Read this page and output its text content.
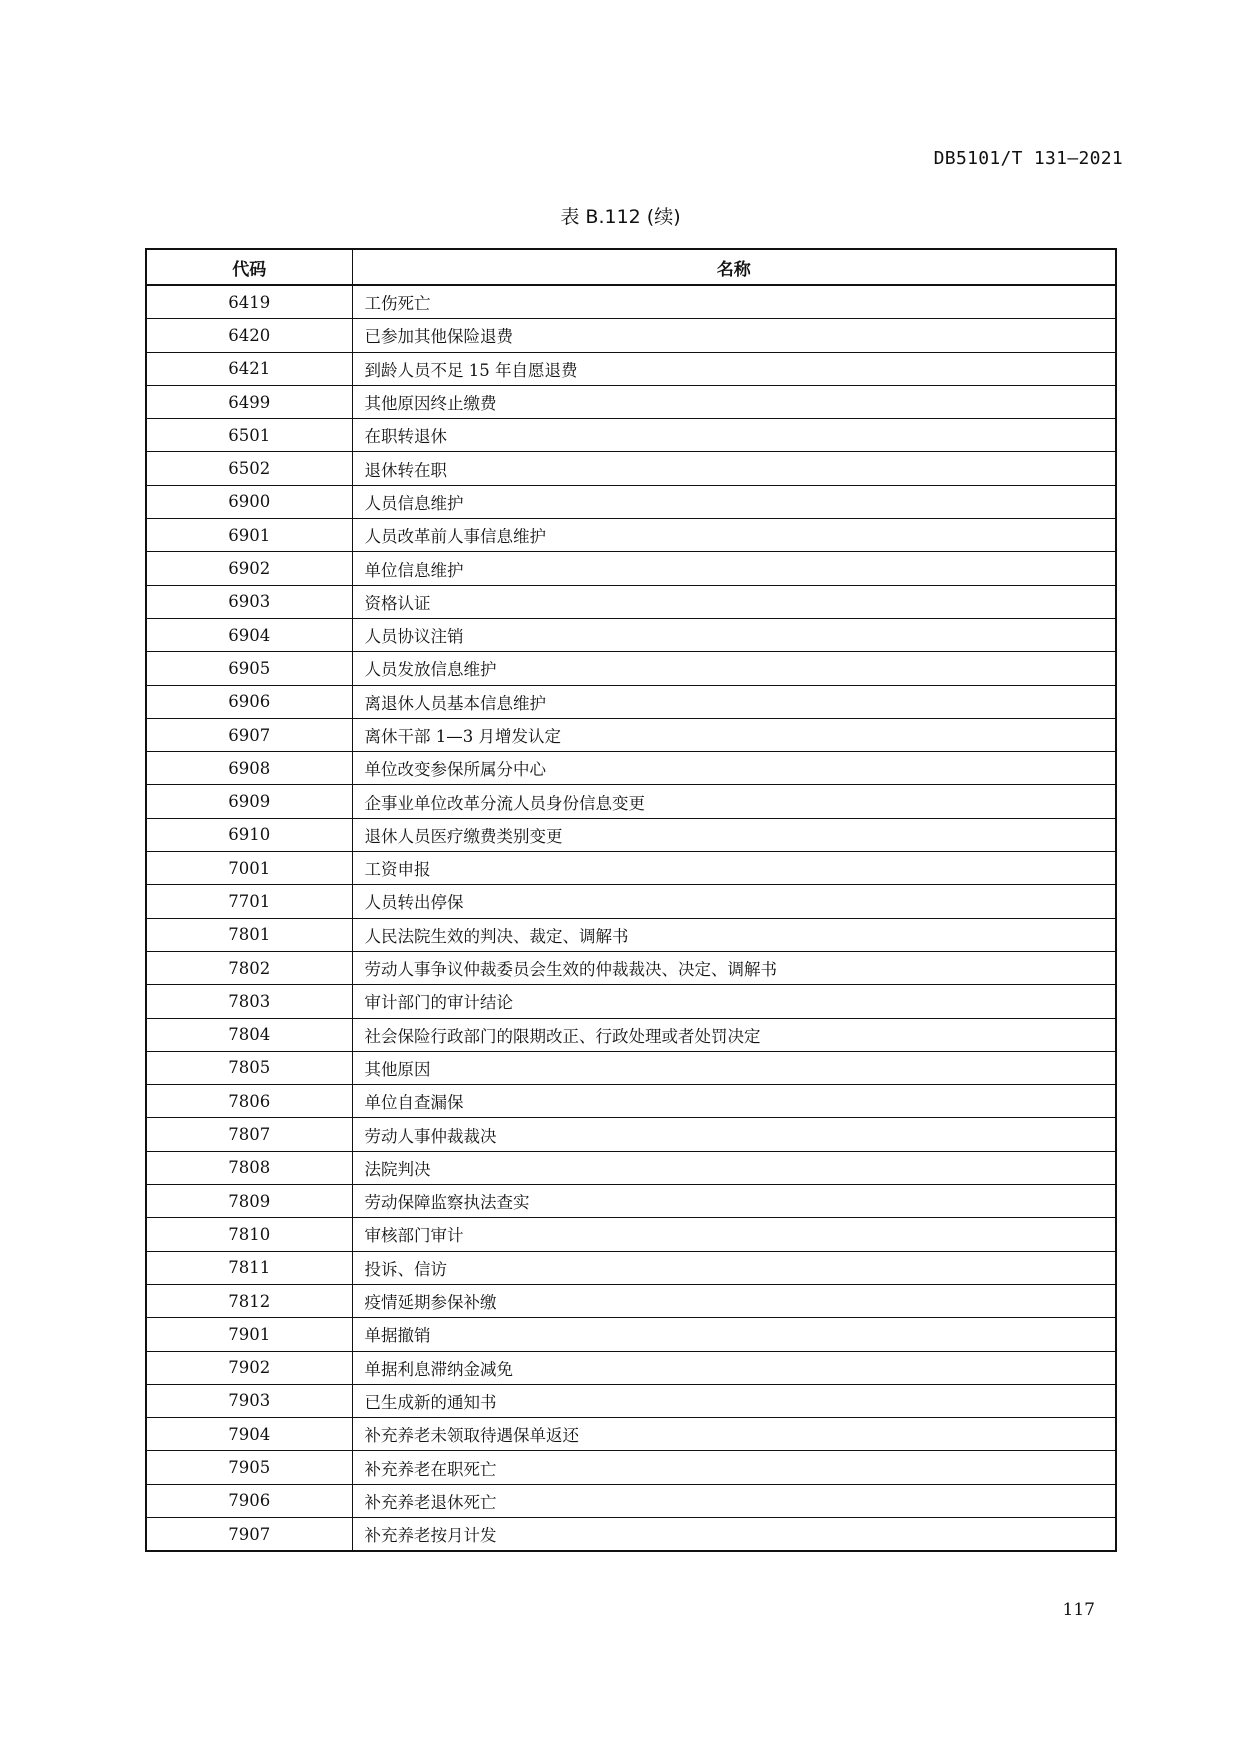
DB5101/T 131—2021
表 B.112 (续)
代码	名称
6419	工伤死亡
6420	已参加其他保险退费
6421	到龄人员不足 15 年自愿退费
6499	其他原因终止缴费
6501	在职转退休
6502	退休转在职
6900	人员信息维护
6901	人员改革前人事信息维护
6902	单位信息维护
6903	资格认证
6904	人员协议注销
6905	人员发放信息维护
6906	离退休人员基本信息维护
6907	离休干部 1—3 月增发认定
6908	单位改变参保所属分中心
6909	企事业单位改革分流人员身份信息变更
6910	退休人员医疗缴费类别变更
7001	工资申报
7701	人员转出停保
7801	人民法院生效的判决、裁定、调解书
7802	劳动人事争议仲裁委员会生效的仲裁裁决、决定、调解书
7803	审计部门的审计结论
7804	社会保险行政部门的限期改正、行政处理或者处罚决定
7805	其他原因
7806	单位自查漏保
7807	劳动人事仲裁裁决
7808	法院判决
7809	劳动保障监察执法查实
7810	审核部门审计
7811	投诉、信访
7812	疫情延期参保补缴
7901	单据撤销
7902	单据利息滞纳金减免
7903	已生成新的通知书
7904	补充养老未领取待遇保单返还
7905	补充养老在职死亡
7906	补充养老退休死亡
7907	补充养老按月计发
117
